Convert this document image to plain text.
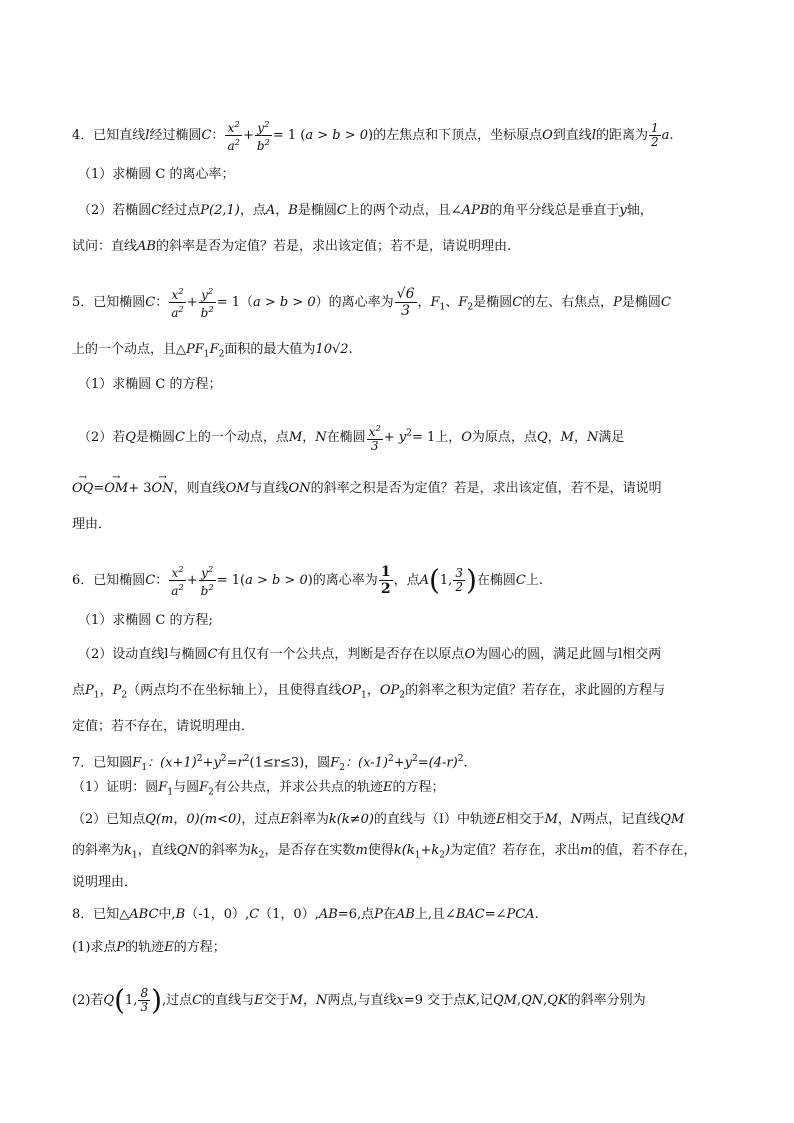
4．已知直线l经过椭圆C： $\frac{x^2}{a^2} + \frac{y^2}{b^2} = 1$ (a > b > 0)的左焦点和下顶点，坐标原点O到直线l的距离为 $\frac{1}{2} a$.
（1）求椭圆 C 的离心率；
（2）若椭圆C经过点P(2,1)，点A，B是椭圆C上的两个动点，且∠APB的角平分线总是垂直于y轴，
试问：直线AB的斜率是否为定值？若是，求出该定值；若不是，请说明理由.
5．已知椭圆C： $\frac{x^2}{a^2} + \frac{y^2}{b^2} = 1(a > b > 0)$的离心率为 $\frac{√6}{3}$ ，$F_1$、$F_2$是椭圆C的左、右焦点，P是椭圆C
上的一个动点，且$\triangle PF_1F_2$面积的最大值为10√2.
（1）求椭圆 C 的方程；
（2）若Q是椭圆C上的一个动点，点M，N在椭圆 $\frac{x^2}{3} + y^2= 1$上，O为原点，点Q，M，N满足
→ OQ=→ OM+ 3→ ON，则直线OM与直线ON的斜率之积是否为定值？若是，求出该定值，若不是，请说明
理由．
6．已知椭圆C： $\frac{x^2}{a^2} + \frac{y^2}{b^2} = 1(a > b > 0)$的离心率为 $\frac{1}{2}$ ，点A(1, $\frac{3}{2}$ )在椭圆C上.
（1）求椭圆 C 的方程;
（2）设动直线l与椭圆C有且仅有一个公共点，判断是否存在以原点O为圆心的圆，满足此圆与l相交两
点$P_1$，$P_2$（两点均不在坐标轴上），且使得直线$OP_1$，$OP_2$的斜率之积为定值？若存在，求此圆的方程与
定值；若不存在，请说明理由．
7．已知圆$F_1$：$(x+1)^2+y^2=r^2(1\le r\le 3)$，圆$F_2$：$(x-1)^2+y^2=(4-r)^2$.
（1）证明：圆$F_1$与圆$F_2$有公共点，并求公共点的轨迹E的方程；
（2）已知点Q(m，0)(m<0)，过点E斜率为k(k≠0)的直线与（Ⅰ）中轨迹E相交于M，N两点，记直线QM
的斜率为$k_1$，直线QN的斜率为$k_2$，是否存在实数m使得$k(k_1+k_2)$为定值？若存在，求出m的值，若不存在，
说明理由．
8．已知△ABC中,B（-1，0）,C（1，0）,AB=6,点P在AB上,且∠BAC=∠PCA.
(1)求点P的轨迹E的方程；
(2)若Q(1, $\frac{8}{3}$ ),过点C的直线与E交于M，N两点,与直线x=9 交于点K,记QM,QN,QK的斜率分别为
